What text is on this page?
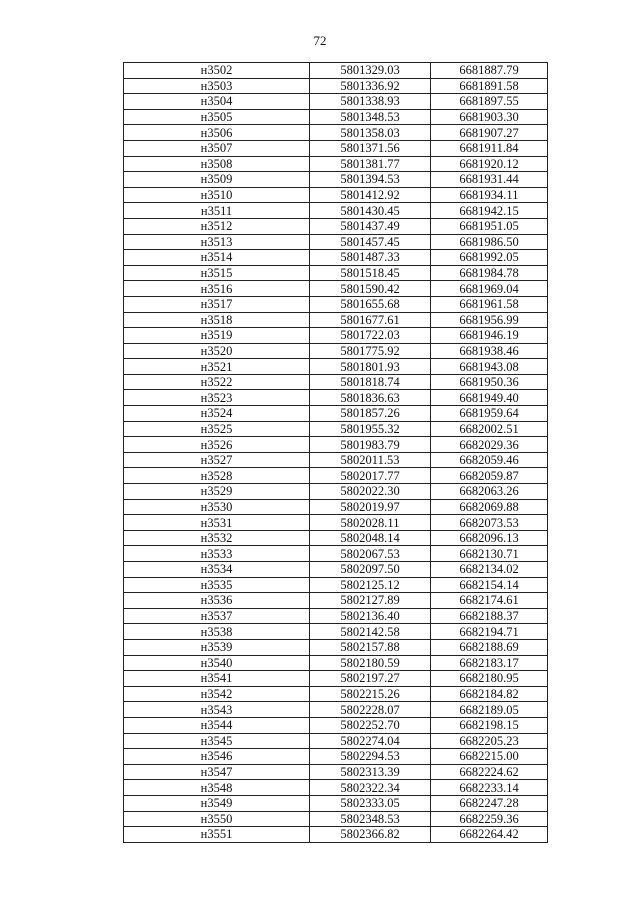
72
н3502	5801329.03	6681887.79
н3503	5801336.92	6681891.58
н3504	5801338.93	6681897.55
н3505	5801348.53	6681903.30
н3506	5801358.03	6681907.27
н3507	5801371.56	6681911.84
н3508	5801381.77	6681920.12
н3509	5801394.53	6681931.44
н3510	5801412.92	6681934.11
н3511	5801430.45	6681942.15
н3512	5801437.49	6681951.05
н3513	5801457.45	6681986.50
н3514	5801487.33	6681992.05
н3515	5801518.45	6681984.78
н3516	5801590.42	6681969.04
н3517	5801655.68	6681961.58
н3518	5801677.61	6681956.99
н3519	5801722.03	6681946.19
н3520	5801775.92	6681938.46
н3521	5801801.93	6681943.08
н3522	5801818.74	6681950.36
н3523	5801836.63	6681949.40
н3524	5801857.26	6681959.64
н3525	5801955.32	6682002.51
н3526	5801983.79	6682029.36
н3527	5802011.53	6682059.46
н3528	5802017.77	6682059.87
н3529	5802022.30	6682063.26
н3530	5802019.97	6682069.88
н3531	5802028.11	6682073.53
н3532	5802048.14	6682096.13
н3533	5802067.53	6682130.71
н3534	5802097.50	6682134.02
н3535	5802125.12	6682154.14
н3536	5802127.89	6682174.61
н3537	5802136.40	6682188.37
н3538	5802142.58	6682194.71
н3539	5802157.88	6682188.69
н3540	5802180.59	6682183.17
н3541	5802197.27	6682180.95
н3542	5802215.26	6682184.82
н3543	5802228.07	6682189.05
н3544	5802252.70	6682198.15
н3545	5802274.04	6682205.23
н3546	5802294.53	6682215.00
н3547	5802313.39	6682224.62
н3548	5802322.34	6682233.14
н3549	5802333.05	6682247.28
н3550	5802348.53	6682259.36
н3551	5802366.82	6682264.42
